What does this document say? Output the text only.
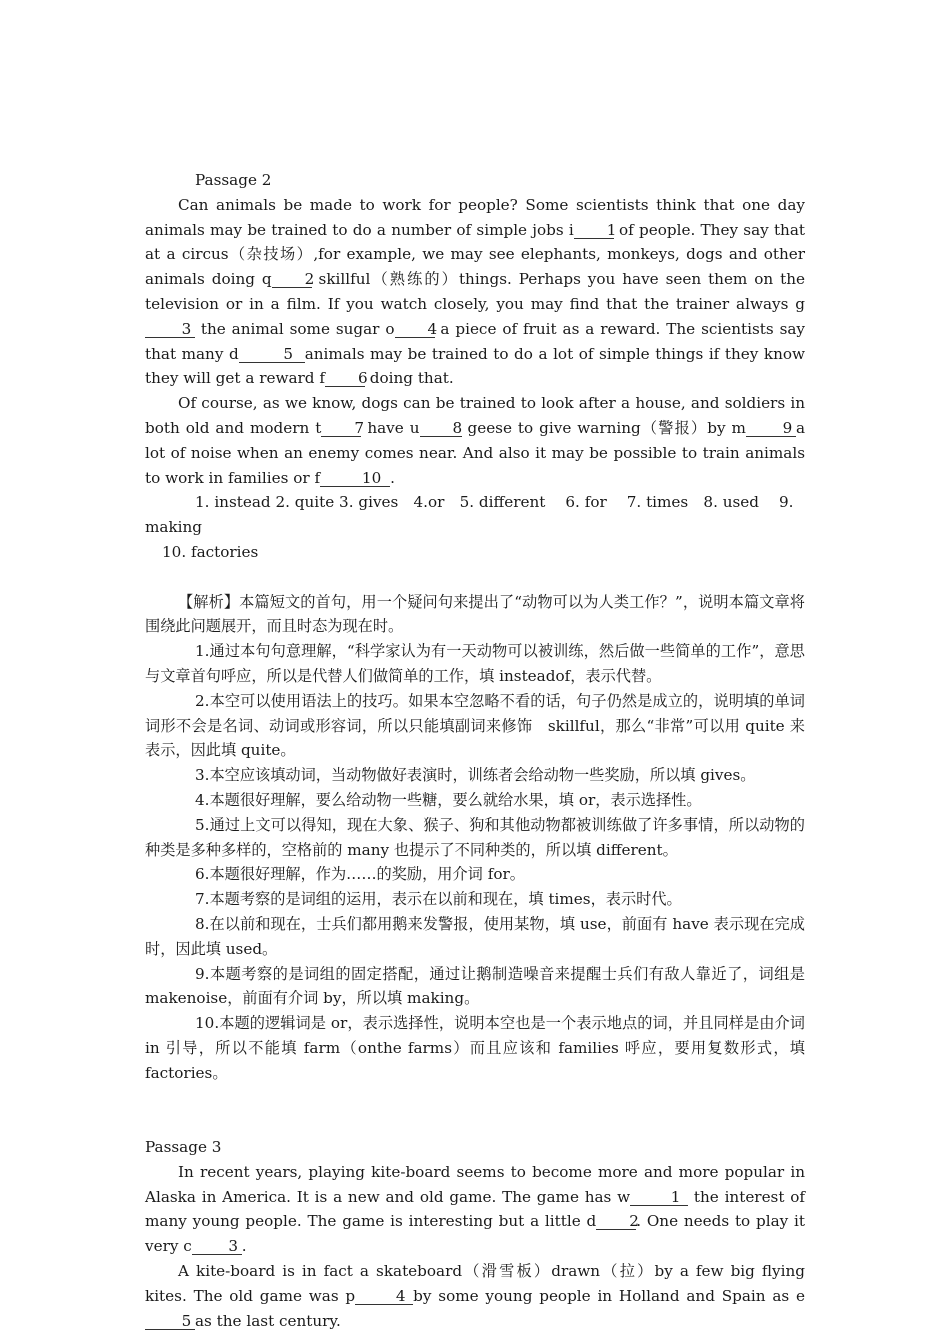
Passage 2

Can animals be made to work for people? Some scientists think that one day animals may be trained to do a number of simple jobs i 1 of people. They say that at a circus（杂技场）,for example, we may see elephants, monkeys, dogs and other animals doing q 2 skillful（熟练的）things. Perhaps you have seen them on the television or in a film. If you watch closely, you may find that the trainer always g3 the animal some sugar o 4 a piece of fruit as a reward. The scientists say that many d	5 animals may be trained to do a lot of simple things if they know they will get a reward f 6 doing that.

Of course, as we know, dogs can be trained to look after a house, and soldiers in both old and modern t 7 have u 8 geese to give warning（警报）by m 9 a lot of noise when an enemy comes near. And also it may be possible to train animals to work in families or f	10 .

1. instead 2. quite 3. gives　4.or　5. different　 6. for　 7. times　8. used　 9. making

10. factories

【解析】本篇短文的首句，用一个疑问句来提出了“动物可以为人类工作？”，说明本篇文章将围绕此问题展开，而且时态为现在时。

1.通过本句句意理解，“科学家认为有一天动物可以被训练，然后做一些简单的工作”，意思与文章首句呼应，所以是代替人们做简单的工作，填 insteadof，表示代替。

2.本空可以使用语法上的技巧。如果本空忽略不看的话，句子仍然是成立的，说明填的单词词形不会是名词、动词或形容词，所以只能填副词来修饰　skillful，那么“非常”可以用 quite 来表示，因此填 quite。

3.本空应该填动词，当动物做好表演时，训练者会给动物一些奖励，所以填 gives。

4.本题很好理解，要么给动物一些糖，要么就给水果，填 or，表示选择性。

5.通过上文可以得知，现在大象、猴子、狗和其他动物都被训练做了许多事情，所以动物的种类是多种多样的，空格前的 many 也提示了不同种类的，所以填 different。

6.本题很好理解，作为……的奖励，用介词 for。

7.本题考察的是词组的运用，表示在以前和现在，填 times，表示时代。

8.在以前和现在，士兵们都用鹅来发警报，使用某物，填 use，前面有 have 表示现在完成时，因此填 used。

9.本题考察的是词组的固定搭配，通过让鹅制造噪音来提醒士兵们有敌人靠近了，词组是 makenoise，前面有介词 by，所以填 making。

10.本题的逻辑词是 or，表示选择性，说明本空也是一个表示地点的词，并且同样是由介词 in 引导，所以不能填 farm（onthe farms）而且应该和 families 呼应，要用复数形式，填 factories。

Passage 3

In recent years, playing kite-board seems to become more and more popular in Alaska in America. It is a new and old game. The game has w	1 the interest of many young people. The game is interesting but a little d 2. One needs to play it very c 3 .

A kite-board is in fact a skateboard（滑雪板）drawn（拉）by a few big flying kites. The old game was p	4 by some young people in Holland and Spain as e5 as the last century.
